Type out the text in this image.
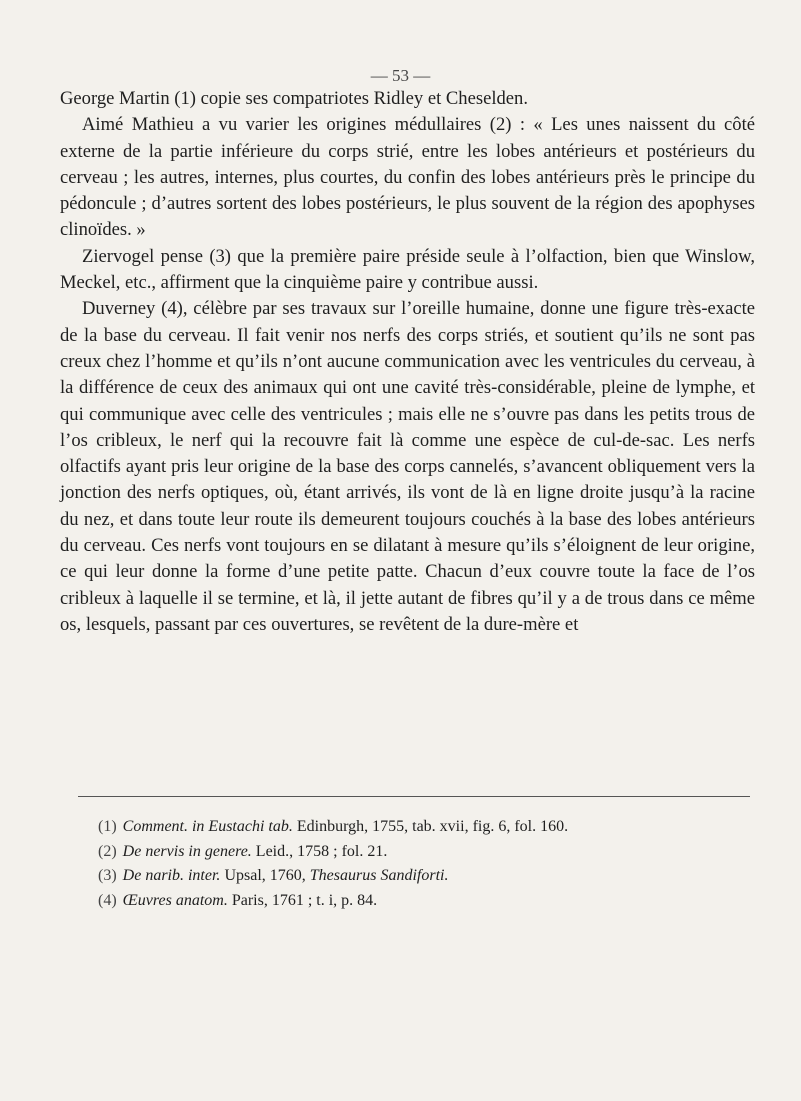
— 53 —

George Martin (1) copie ses compatriotes Ridley et Cheselden.

Aimé Mathieu a vu varier les origines médullaires (2) : « Les unes naissent du côté externe de la partie inférieure du corps strié, entre les lobes antérieurs et postérieurs du cerveau ; les autres, internes, plus courtes, du confin des lobes antérieurs près le principe du pédoncule ; d’autres sortent des lobes postérieurs, le plus souvent de la région des apophyses clinoïdes. »

Ziervogel pense (3) que la première paire préside seule à l’olfaction, bien que Winslow, Meckel, etc., affirment que la cinquième paire y contribue aussi.

Duverney (4), célèbre par ses travaux sur l’oreille humaine, donne une figure très-exacte de la base du cerveau. Il fait venir nos nerfs des corps striés, et soutient qu’ils ne sont pas creux chez l’homme et qu’ils n’ont aucune communication avec les ventricules du cerveau, à la différence de ceux des animaux qui ont une cavité très-considérable, pleine de lymphe, et qui communique avec celle des ventricules ; mais elle ne s’ouvre pas dans les petits trous de l’os cribleux, le nerf qui la recouvre fait là comme une espèce de cul-de-sac. Les nerfs olfactifs ayant pris leur origine de la base des corps cannelés, s’avancent obliquement vers la jonction des nerfs optiques, où, étant arrivés, ils vont de là en ligne droite jusqu’à la racine du nez, et dans toute leur route ils demeurent toujours couchés à la base des lobes antérieurs du cerveau. Ces nerfs vont toujours en se dilatant à mesure qu’ils s’éloignent de leur origine, ce qui leur donne la forme d’une petite patte. Chacun d’eux couvre toute la face de l’os cribleux à laquelle il se termine, et là, il jette autant de fibres qu’il y a de trous dans ce même os, lesquels, passant par ces ouvertures, se revêtent de la dure-mère et

(1) Comment. in Eustachi tab. Edinburgh, 1755, tab. xvii, fig. 6, fol. 160.
(2) De nervis in genere. Leid., 1758 ; fol. 21.
(3) De narib. inter. Upsal, 1760, Thesaurus Sandiforti.
(4) Œuvres anatom. Paris, 1761 ; t. i, p. 84.
